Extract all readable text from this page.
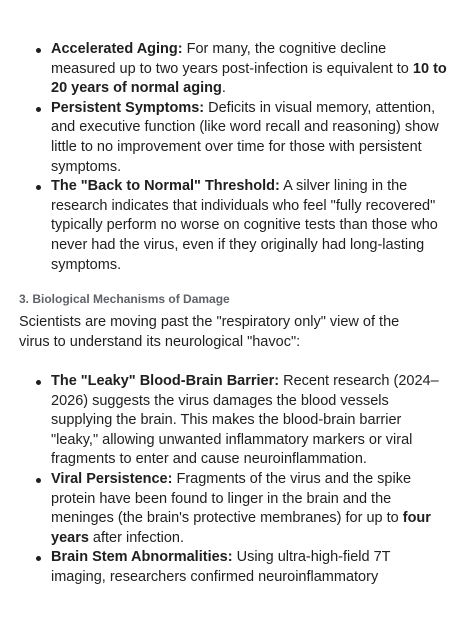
Accelerated Aging: For many, the cognitive decline measured up to two years post-infection is equivalent to 10 to 20 years of normal aging.
Persistent Symptoms: Deficits in visual memory, attention, and executive function (like word recall and reasoning) show little to no improvement over time for those with persistent symptoms.
The "Back to Normal" Threshold: A silver lining in the research indicates that individuals who feel "fully recovered" typically perform no worse on cognitive tests than those who never had the virus, even if they originally had long-lasting symptoms.
3. Biological Mechanisms of Damage

Scientists are moving past the "respiratory only" view of the virus to understand its neurological "havoc":

The "Leaky" Blood-Brain Barrier: Recent research (2024–2026) suggests the virus damages the blood vessels supplying the brain. This makes the blood-brain barrier "leaky," allowing unwanted inflammatory markers or viral fragments to enter and cause neuroinflammation.
Viral Persistence: Fragments of the virus and the spike protein have been found to linger in the brain and the meninges (the brain's protective membranes) for up to four years after infection.
Brain Stem Abnormalities: Using ultra-high-field 7T imaging, researchers confirmed neuroinflammatory
